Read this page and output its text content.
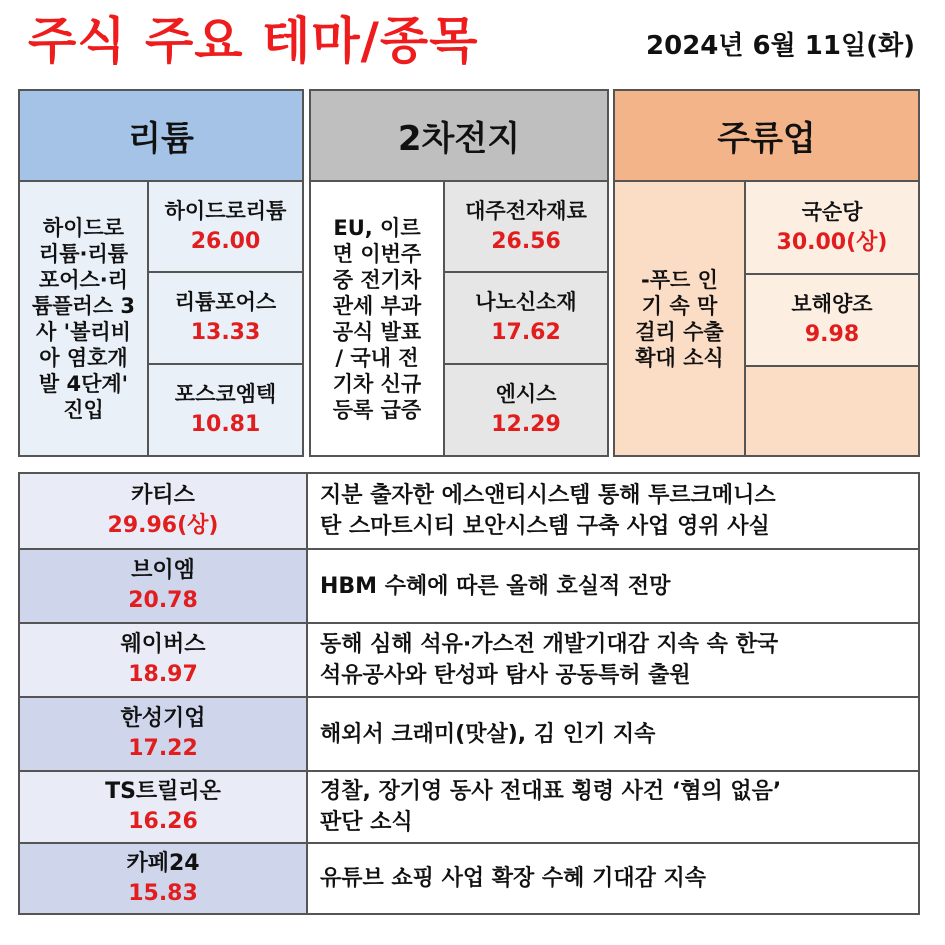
주식 주요 테마/종목	2024년 6월 11일(화)
리튬
하이드로
리튬·리튬
포어스·리
튬플러스 3
사 '볼리비
아 염호개
발 4단계'
진입
하이드로리튬
26.00
리튬포어스
13.33
포스코엠텍
10.81
2차전지
EU, 이르
면 이번주
중 전기차
관세 부과
공식 발표
/ 국내 전
기차 신규
등록 급증
대주전자재료
26.56
나노신소재
17.62
엔시스
12.29
주류업
-푸드 인
기 속 막
걸리 수출
확대 소식
국순당
30.00(상)
보해양조
9.98
카티스
29.96(상)
지분 출자한 에스앤티시스템 통해 투르크메니스
탄 스마트시티 보안시스템 구축 사업 영위 사실
브이엠
20.78
HBM 수혜에 따른 올해 호실적 전망
웨이버스
18.97
동해 심해 석유·가스전 개발기대감 지속 속 한국
석유공사와 탄성파 탐사 공동특허 출원
한성기업
17.22
해외서 크래미(맛살), 김 인기 지속
TS트릴리온
16.26
경찰, 장기영 동사 전대표 횡령 사건 ‘혐의 없음’
판단 소식
카페24
15.83
유튜브 쇼핑 사업 확장 수혜 기대감 지속
